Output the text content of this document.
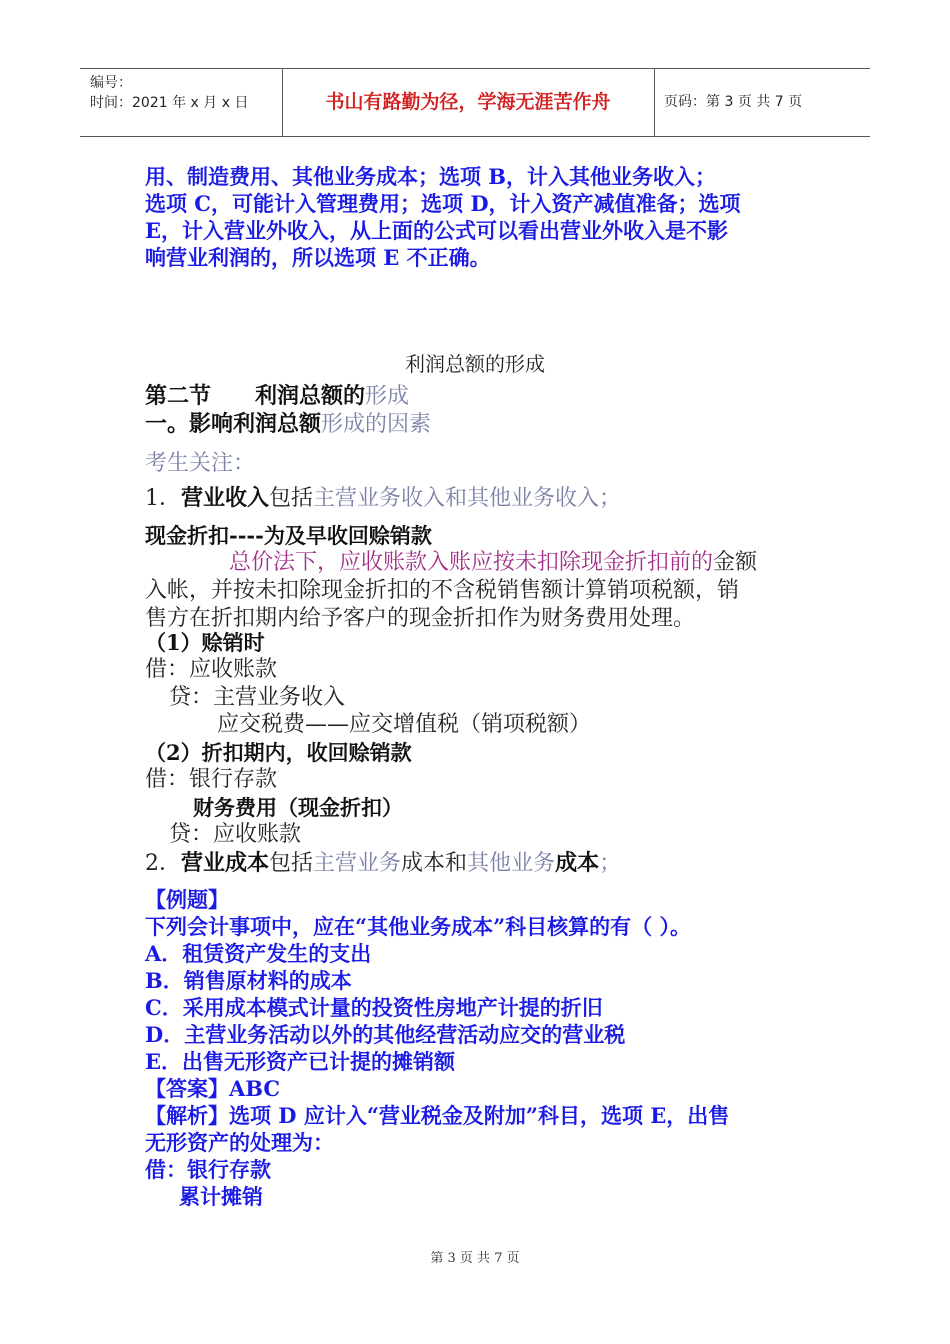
编号：
时间：2021 年 x 月 x 日	书山有路勤为径，学海无涯苦作舟	页码：第 3 页 共 7 页
用、制造费用、其他业务成本；选项 B，计入其他业务收入；
选项 C，可能计入管理费用；选项 D，计入资产减值准备；选项
E，计入营业外收入，从上面的公式可以看出营业外收入是不影
响营业利润的，所以选项 E 不正确。
利润总额的形成
第二节　　利润总额的形成
一。影响利润总额形成的因素
考生关注：
1．营业收入包括主营业务收入和其他业务收入；
现金折扣----为及早收回赊销款
总价法下，应收账款入账应按未扣除现金折扣前的金额
入帐，并按未扣除现金折扣的不含税销售额计算销项税额，销
售方在折扣期内给予客户的现金折扣作为财务费用处理。
（1）赊销时
借：应收账款
贷：主营业务收入
应交税费——应交增值税（销项税额）
（2）折扣期内，收回赊销款
借：银行存款
财务费用（现金折扣）
贷：应收账款
2．营业成本包括主营业务成本和其他业务成本；
【例题】
下列会计事项中，应在“其他业务成本”科目核算的有（ ）。
A．租赁资产发生的支出
B．销售原材料的成本
C．采用成本模式计量的投资性房地产计提的折旧
D．主营业务活动以外的其他经营活动应交的营业税
E．出售无形资产已计提的摊销额
【答案】ABC
【解析】选项 D 应计入“营业税金及附加”科目，选项 E，出售
无形资产的处理为：
借：银行存款
累计摊销
第 3 页 共 7 页
